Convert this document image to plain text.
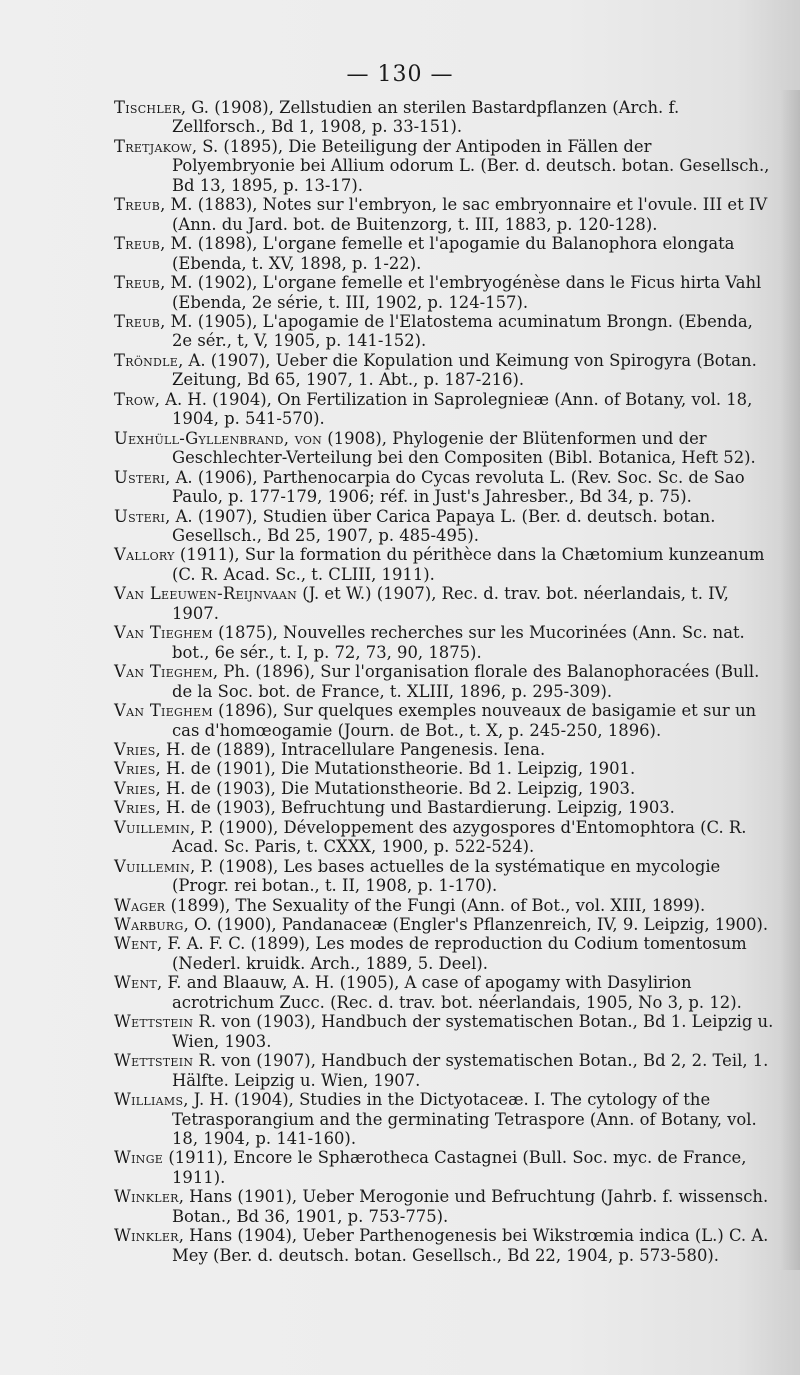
— 130 —

Tischler, G. (1908), Zellstudien an sterilen Bastardpflanzen (Arch. f. Zellforsch., Bd 1, 1908, p. 33-151).

Tretjakow, S. (1895), Die Beteiligung der Antipoden in Fällen der Polyembryonie bei Allium odorum L. (Ber. d. deutsch. botan. Gesellsch., Bd 13, 1895, p. 13-17).

Treub, M. (1883), Notes sur l'embryon, le sac embryonnaire et l'ovule. III et IV (Ann. du Jard. bot. de Buitenzorg, t. III, 1883, p. 120-128).

Treub, M. (1898), L'organe femelle et l'apogamie du Balanophora elongata (Ebenda, t. XV, 1898, p. 1-22).

Treub, M. (1902), L'organe femelle et l'embryogénèse dans le Ficus hirta Vahl (Ebenda, 2e série, t. III, 1902, p. 124-157).

Treub, M. (1905), L'apogamie de l'Elatostema acuminatum Brongn. (Ebenda, 2e sér., t, V, 1905, p. 141-152).

Tröndle, A. (1907), Ueber die Kopulation und Keimung von Spirogyra (Botan. Zeitung, Bd 65, 1907, 1. Abt., p. 187-216).

Trow, A. H. (1904), On Fertilization in Saprolegnieæ (Ann. of Botany, vol. 18, 1904, p. 541-570).

Uexhüll-Gyllenbrand, von (1908), Phylogenie der Blütenformen und der Geschlechter-Verteilung bei den Compositen (Bibl. Botanica, Heft 52).

Usteri, A. (1906), Parthenocarpia do Cycas revoluta L. (Rev. Soc. Sc. de Sao Paulo, p. 177-179, 1906; réf. in Just's Jahresber., Bd 34, p. 75).

Usteri, A. (1907), Studien über Carica Papaya L. (Ber. d. deutsch. botan. Gesellsch., Bd 25, 1907, p. 485-495).

Vallory (1911), Sur la formation du périthèce dans la Chætomium kunzeanum (C. R. Acad. Sc., t. CLIII, 1911).

Van Leeuwen-Reijnvaan (J. et W.) (1907), Rec. d. trav. bot. néerlandais, t. IV, 1907.

Van Tieghem (1875), Nouvelles recherches sur les Mucorinées (Ann. Sc. nat. bot., 6e sér., t. I, p. 72, 73, 90, 1875).

Van Tieghem, Ph. (1896), Sur l'organisation florale des Balanophoracées (Bull. de la Soc. bot. de France, t. XLIII, 1896, p. 295-309).

Van Tieghem (1896), Sur quelques exemples nouveaux de basigamie et sur un cas d'homœogamie (Journ. de Bot., t. X, p. 245-250, 1896).

Vries, H. de (1889), Intracellulare Pangenesis. Iena.

Vries, H. de (1901), Die Mutationstheorie. Bd 1. Leipzig, 1901.

Vries, H. de (1903), Die Mutationstheorie. Bd 2. Leipzig, 1903.

Vries, H. de (1903), Befruchtung und Bastardierung. Leipzig, 1903.

Vuillemin, P. (1900), Développement des azygospores d'Entomophtora (C. R. Acad. Sc. Paris, t. CXXX, 1900, p. 522-524).

Vuillemin, P. (1908), Les bases actuelles de la systématique en mycologie (Progr. rei botan., t. II, 1908, p. 1-170).

Wager (1899), The Sexuality of the Fungi (Ann. of Bot., vol. XIII, 1899).

Warburg, O. (1900), Pandanaceæ (Engler's Pflanzenreich, IV, 9. Leipzig, 1900).

Went, F. A. F. C. (1899), Les modes de reproduction du Codium tomentosum (Nederl. kruidk. Arch., 1889, 5. Deel).

Went, F. and Blaauw, A. H. (1905), A case of apogamy with Dasylirion acrotrichum Zucc. (Rec. d. trav. bot. néerlandais, 1905, No 3, p. 12).

Wettstein R. von (1903), Handbuch der systematischen Botan., Bd 1. Leipzig u. Wien, 1903.

Wettstein R. von (1907), Handbuch der systematischen Botan., Bd 2, 2. Teil, 1. Hälfte. Leipzig u. Wien, 1907.

Williams, J. H. (1904), Studies in the Dictyotaceæ. I. The cytology of the Tetrasporangium and the germinating Tetraspore (Ann. of Botany, vol. 18, 1904, p. 141-160).

Winge (1911), Encore le Sphærotheca Castagnei (Bull. Soc. myc. de France, 1911).

Winkler, Hans (1901), Ueber Merogonie und Befruchtung (Jahrb. f. wissensch. Botan., Bd 36, 1901, p. 753-775).

Winkler, Hans (1904), Ueber Parthenogenesis bei Wikstrœmia indica (L.) C. A. Mey (Ber. d. deutsch. botan. Gesellsch., Bd 22, 1904, p. 573-580).
